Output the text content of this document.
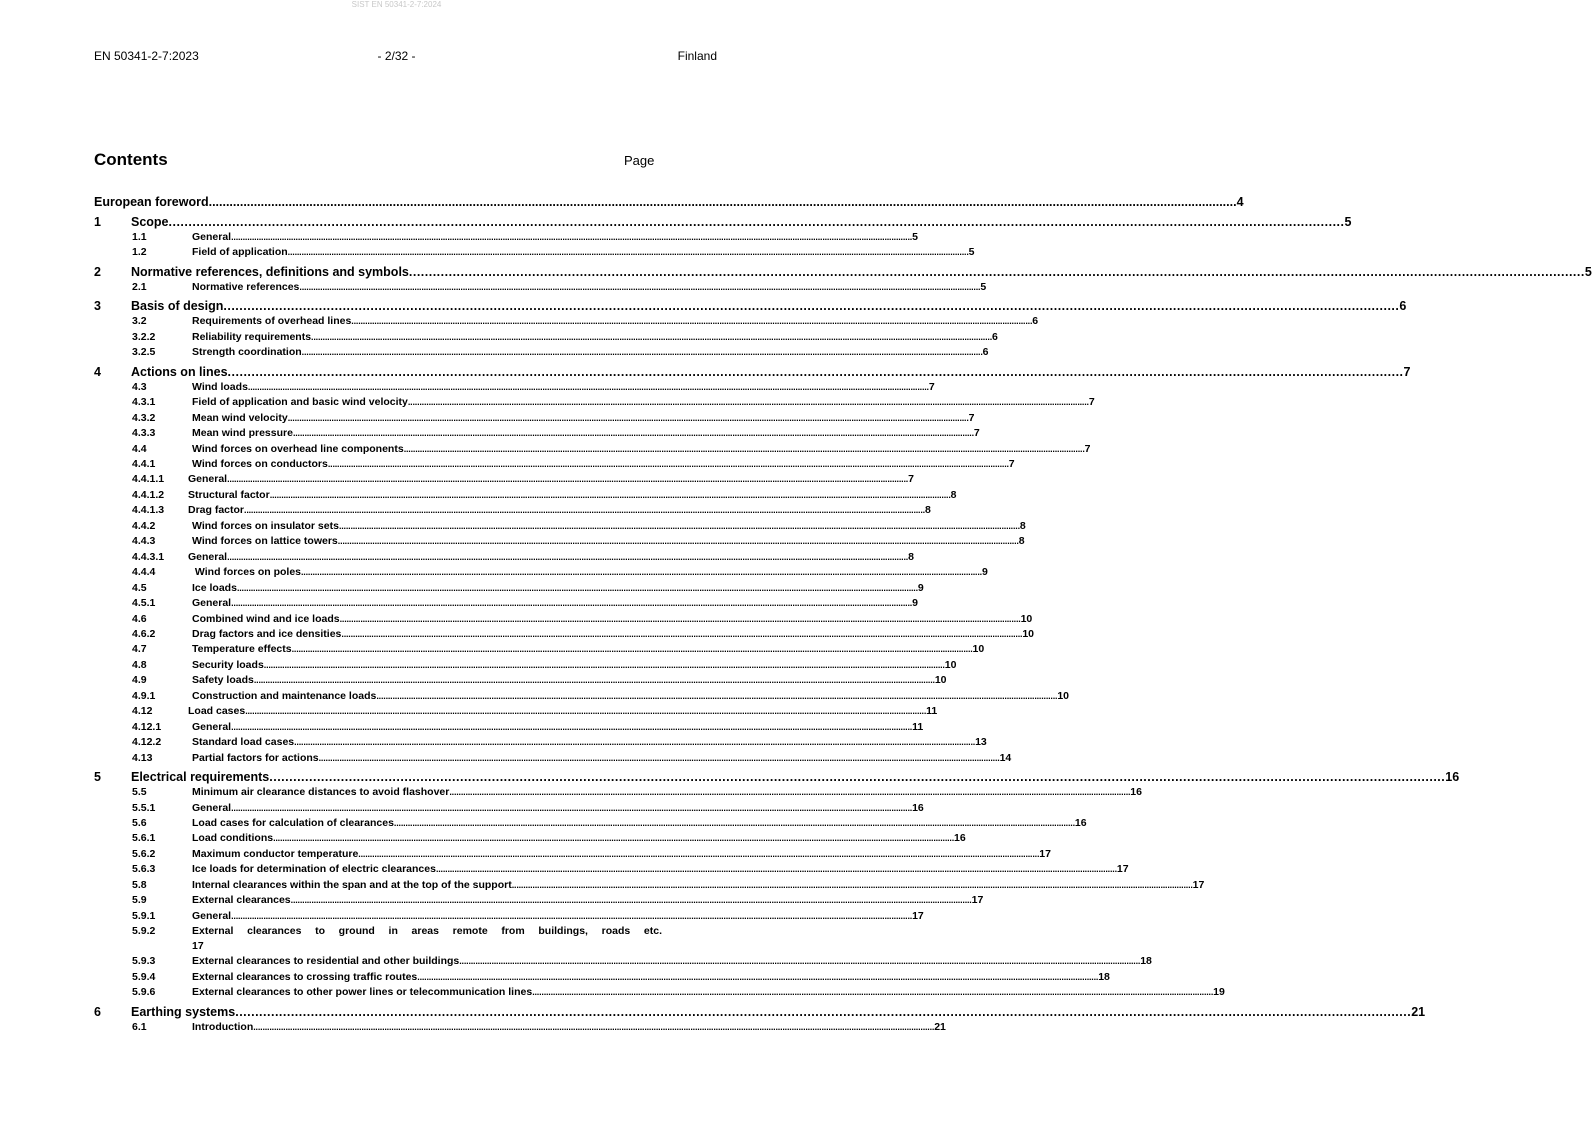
SIST EN 50341-2-7:2024
EN 50341-2-7:2023	- 2/32 -	Finland
Contents	Page
European foreword .....	4
1	Scope .....	5
1.1	General .....	5
1.2	Field of application .....	5
2	Normative references, definitions and symbols .....	5
2.1	Normative references .....	5
3	Basis of design .....	6
3.2	Requirements of overhead lines .....	6
3.2.2	Reliability requirements .....	6
3.2.5	Strength coordination .....	6
4	Actions on lines .....	7
4.3	Wind loads .....	7
4.3.1	Field of application and basic wind velocity .....	7
4.3.2	Mean wind velocity .....	7
4.3.3	Mean wind pressure .....	7
4.4	Wind forces on overhead line components .....	7
4.4.1	Wind forces on conductors .....	7
4.4.1.1	General .....	7
4.4.1.2	Structural factor .....	8
4.4.1.3	Drag factor .....	8
4.4.2	Wind forces on insulator sets .....	8
4.4.3	Wind forces on lattice towers .....	8
4.4.3.1	General .....	8
4.4.4	Wind forces on poles .....	9
4.5	Ice loads .....	9
4.5.1	General .....	9
4.6	Combined wind and ice loads .....	10
4.6.2	Drag factors and ice densities .....	10
4.7	Temperature effects .....	10
4.8	Security loads .....	10
4.9	Safety loads .....	10
4.9.1	Construction and maintenance loads .....	10
4.12	Load cases .....	11
4.12.1	General .....	11
4.12.2	Standard load cases .....	13
4.13	Partial factors for actions .....	14
5	Electrical requirements .....	16
5.5	Minimum air clearance distances to avoid flashover .....	16
5.5.1	General .....	16
5.6	Load cases for calculation of clearances .....	16
5.6.1	Load conditions .....	16
5.6.2	Maximum conductor temperature .....	17
5.6.3	Ice loads for determination of electric clearances .....	17
5.8	Internal clearances within the span and at the top of the support .....	17
5.9	External clearances .....	17
5.9.1	General .....	17
5.9.2	External clearances to ground in areas remote from buildings, roads etc.
17
5.9.3	External clearances to residential and other buildings .....	18
5.9.4	External clearances to crossing traffic routes .....	18
5.9.6	External clearances to other power lines or telecommunication lines .....	19
6	Earthing systems .....	21
6.1	Introduction .....	21
